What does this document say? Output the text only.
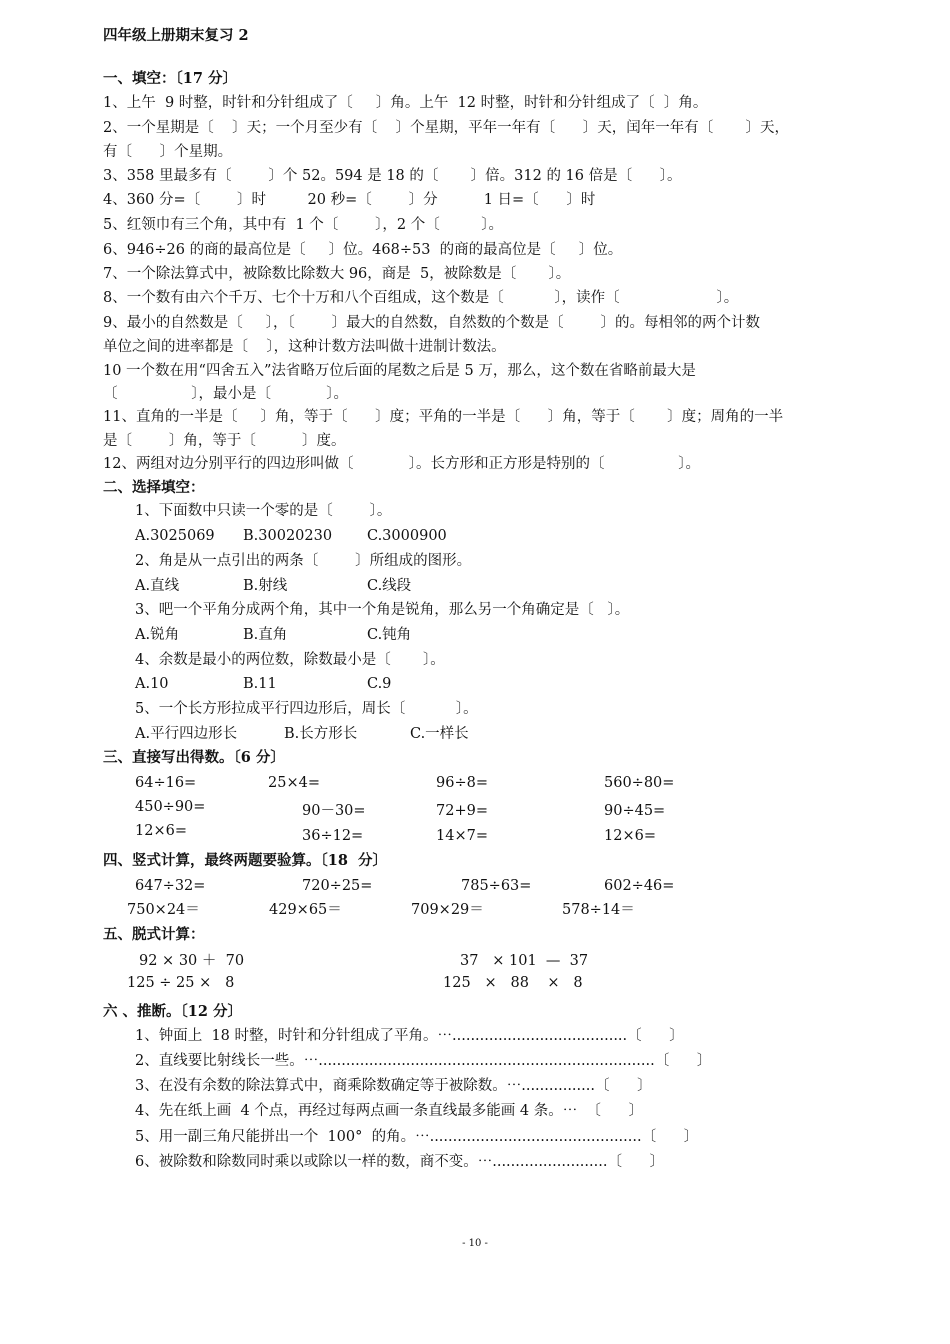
四年级上册期末复习 2
一、填空：〔17 分〕
1、上午  9 时整，时针和分针组成了〔     〕角。上午  12 时整，时针和分针组成了〔  〕角。
2、一个星期是〔    〕天；一个月至少有〔    〕个星期，平年一年有〔      〕天，闰年一年有〔       〕天，
有〔      〕个星期。
3、358 里最多有〔        〕个 52。594 是 18 的〔       〕倍。312 的 16 倍是〔      〕。
4、360 分=〔        〕时         20 秒=〔        〕分          1 日=〔      〕时
5、红领巾有三个角，其中有  1 个〔        〕，2 个〔         〕。
6、946÷26 的商的最高位是〔     〕位。468÷53  的商的最高位是〔     〕位。
7、一个除法算式中，被除数比除数大 96，商是  5，被除数是〔       〕。
8、一个数有由六个千万、七个十万和八个百组成，这个数是〔           〕，读作〔                     〕。
9、最小的自然数是〔     〕，〔        〕最大的自然数，自然数的个数是〔        〕的。每相邻的两个计数
单位之间的进率都是〔    〕，这种计数方法叫做十进制计数法。
10 一个数在用“四舍五入”法省略万位后面的尾数之后是 5 万，那么，这个数在省略前最大是
〔                〕，最小是〔            〕。
11、直角的一半是〔     〕角，等于〔      〕度；平角的一半是〔      〕角，等于〔       〕度；周角的一半
是〔        〕角，等于〔          〕度。
12、两组对边分别平行的四边形叫做〔            〕。长方形和正方形是特别的〔                〕。
二、选择填空：
1、下面数中只读一个零的是〔        〕。
A.3025069 B.30020230 C.3000900
2、角是从一点引出的两条〔        〕所组成的图形。
A.直线	B.射线	C.线段
3、吧一个平角分成两个角，其中一个角是锐角，那么另一个角确定是〔   〕。
A.锐角	B.直角	C.钝角
4、余数是最小的两位数，除数最小是〔       〕。
A.10	B.11	C.9
5、一个长方形拉成平行四边形后，周长〔           〕。
A.平行四边形长	B.长方形长	C.一样长
三、直接写出得数。〔6 分〕
64÷16=	25×4=	96÷8=	560÷80=
450÷90=	90－30=	72+9=	90÷45=
12×6=	36÷12=	14×7=	12×6=
四、竖式计算，最终两题要验算。〔18  分〕
647÷32=	720÷25=	785÷63=	602÷46=
750×24＝	429×65＝	709×29＝	578÷14＝
五、脱式计算：
92 × 30 ＋  70	37   × 101  —  37
125 ÷ 25 ×   8	125   ×   88    ×   8
六 、推断。〔12 分〕
1、钟面上  18 时整，时针和分针组成了平角。⋯......................................〔      〕
2、直线要比射线长一些。⋯.........................................................................〔      〕
3、在没有余数的除法算式中，商乘除数确定等于被除数。⋯................〔      〕
4、先在纸上画  4 个点，再经过每两点画一条直线最多能画 4 条。⋯  〔      〕
5、用一副三角尺能拼出一个  100°  的角。⋯..............................................〔      〕
6、被除数和除数同时乘以或除以一样的数，商不变。⋯.........................〔      〕
- 10 -
